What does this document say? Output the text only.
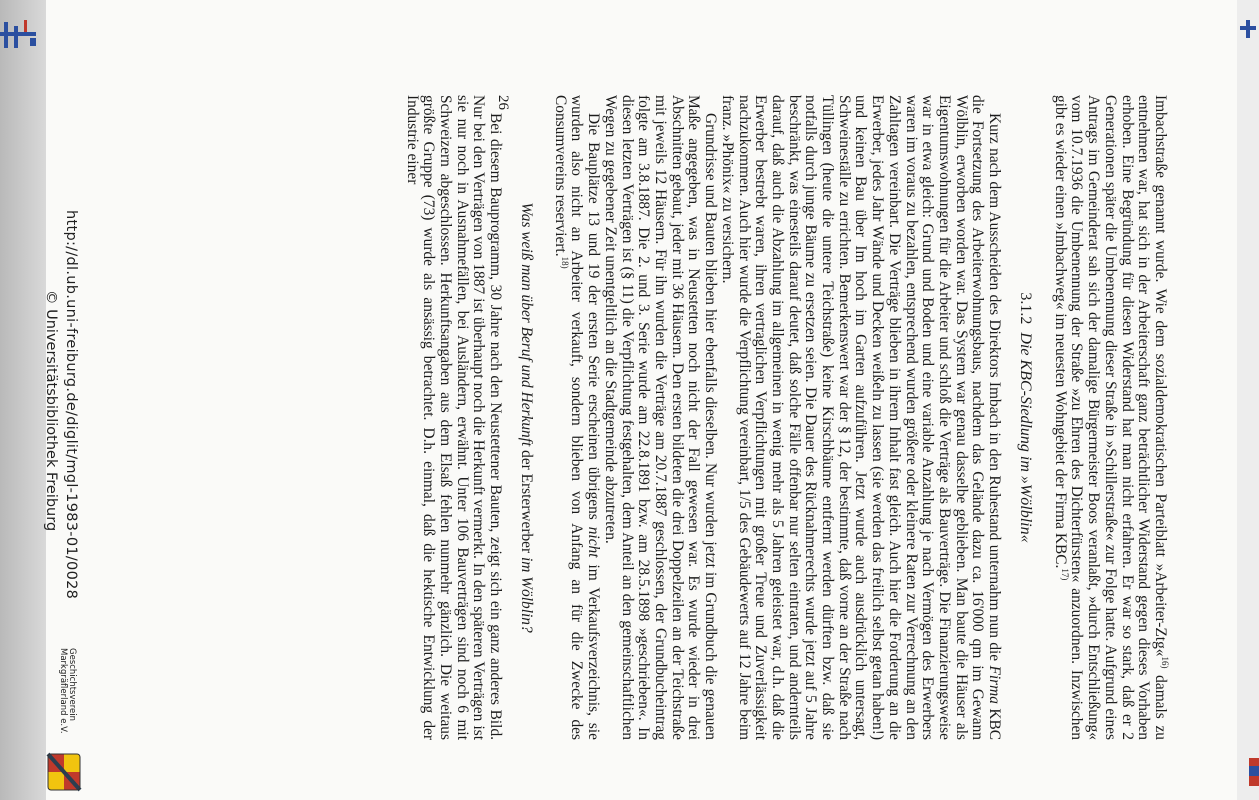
Imbachstraße genannt wurde. Wie dem sozialdemokratischen Parteiblatt »Arbeiter-Ztg«$^{16)}$ damals zu entnehmen war, hat sich in der Arbeiterschaft ganz beträchtlicher Widerstand gegen dieses Vorhaben erhoben. Eine Begründung für diesen Widerstand hat man nicht erfahren. Er war so stark, daß er 2 Generationen später die Umbenennung dieser Straße in »Schillerstraße« zur Folge hatte. Aufgrund eines Antrags im Gemeinderat sah sich der damalige Bürgermeister Boos veranlaßt, »durch Entschließung« vom 10.7.1936 die Umbenennung der Straße »zu Ehren des Dichterfürsten« anzuordnen. Inzwischen gibt es wieder einen »Imbachweg« im neuesten Wohngebiet der Firma KBC.$^{17)}$

3.1.2  Die KBC-Siedlung im »Wölblin«

Kurz nach dem Ausscheiden des Direktors Imbach in den Ruhestand unternahm nun die Firma KBC die Fortsetzung des Arbeiterwohnungsbaus, nachdem das Gelände dazu ca. 16'000 qm im Gewann Wölblin, erworben worden war. Das System war genau dasselbe geblieben. Man baute die Häuser als Eigentumswohnungen für die Arbeiter und schloß die Verträge als Bauverträge. Die Finanzierungsweise war in etwa gleich: Grund und Boden und eine variable Anzahlung je nach Vermögen des Erwerbers waren im voraus zu bezahlen, entsprechend wurden größere oder kleinere Raten zur Verrechnung an den Zahltagen vereinbart. Die Verträge blieben in ihrem Inhalt fast gleich. Auch hier die Forderung an die Erwerber, jedes Jahr Wände und Decken weißeln zu lassen (sie werden das freilich selbst getan haben!) und keinen Bau über Im hoch im Garten aufzuführen. Jetzt wurde auch ausdrücklich untersagt, Schweineställe zu errichten. Bemerkenswert war der § 12, der bestimmte, daß vorne an der Straße nach Tüllingen (heute die untere Teichstraße) keine Kirschbäume entfernt werden dürften bzw. daß sie notfalls durch junge Bäume zu ersetzen seien. Die Dauer des Rücknahmerechts wurde jetzt auf 5 Jahre beschränkt, was einesteils darauf deutet, daß solche Fälle offenbar nur selten eintraten, und andernteils darauf, daß auch die Abzahlung im allgemeinen in wenig mehr als 5 Jahren geleistet war, d.h. daß die Erwerber bestrebt waren, ihren vertraglichen Verpflichtungen mit großer Treue und Zuverlässigkeit nachzukommen. Auch hier wurde die Verpflichtung vereinbart, 1/5 des Gebäudewerts auf 12 Jahre beim franz. »Phönix« zu versichern.

Grundrisse und Bauten blieben hier ebenfalls dieselben. Nur wurden jetzt im Grundbuch die genauen Maße angegeben, was in Neustetten noch nicht der Fall gewesen war. Es wurde wieder in drei Abschnitten gebaut, jeder mit 36 Häusern. Den ersten bildeten die drei Doppelzeilen an der Teichstraße mit jeweils 12 Häusern. Für ihn wurden die Verträge am 20.7.1887 geschlossen, der Grundbucheintrag folgte am 3.8.1887. Die 2. und 3. Serie wurde am 22.8.1891 bzw. am 28.5.1898 »geschrieben«. In diesen letzten Verträgen ist (§ 11) die Verpflichtung festgehalten, dem Anteil an den gemeinschaftlichen Wegen zu gegebener Zeit unentgeltlich an die Stadtgemeinde abzutreten.

Die Bauplätze 13 und 19 der ersten Serie erscheinen übrigens nicht im Verkaufsverzeichnis, sie wurden also nicht an Arbeiter verkauft, sondern blieben von Anfang an für die Zwecke des Consumvereins reserviert.$^{18)}$

Was weiß man über Beruf und Herkunft der Ersterwerber im Wölblin?

Bei diesem Bauprogramm, 30 Jahre nach den Neustettener Bauten, zeigt sich ein ganz anderes Bild. Nur bei den Verträgen von 1887 ist überhaupt noch die Herkunft vermerkt. In den späteren Verträgen ist sie nur noch in Ausnahmefällen, bei Ausländern, erwähnt. Unter 106 Bauverträgen sind noch 6 mit Schweizern abgeschlossen. Herkunftsangaben aus dem Elsaß fehlen nunmehr gänzlich. Die weitaus größte Gruppe (73) wurde als ansässig betrachtet. D.h. einmal, daß die hektische Entwicklung der Industrie einer	26
http://dl.ub.uni-freiburg.de/diglit/mgl-1983-01/0028
© Universitätsbibliothek Freiburg
Geschichtsverein
Markgräflerland e.V.
